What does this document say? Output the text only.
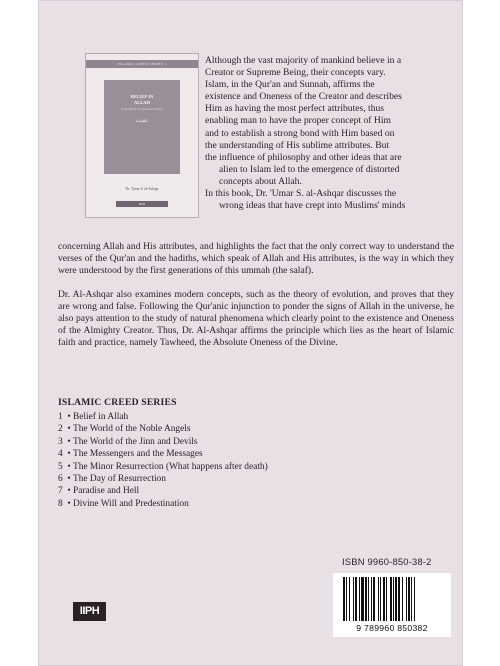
ISLAMIC CREED SERIES 1
BELIEF IN
ALLAH
in the light of the Qur'an and Sunnah
عقيدة
Dr. 'Umar S. al-Ashqar
IIPH
Although the vast majority of mankind believe in a
Creator or Supreme Being, their concepts vary.
Islam, in the Qur'an and Sunnah, affirms the
existence and Oneness of the Creator and describes
Him as having the most perfect attributes, thus
enabling man to have the proper concept of Him
and to establish a strong bond with Him based on
the understanding of His sublime attributes. But
the influence of philosophy and other ideas that are
alien to Islam led to the emergence of distorted
concepts about Allah.
In this book, Dr. 'Umar S. al-Ashqar discusses the
wrong ideas that have crept into Muslims' minds

concerning Allah and His attributes, and highlights the fact that the only correct way to understand the verses of the Qur'an and the hadiths, which speak of Allah and His attributes, is the way in which they were understood by the first generations of this ummah (the salaf).

Dr. Al-Ashqar also examines modern concepts, such as the theory of evolution, and proves that they are wrong and false. Following the Qur'anic injunction to ponder the signs of Allah in the universe, he also pays attention to the study of natural phenomena which clearly point to the existence and Oneness of the Almighty Creator. Thus, Dr. Al-Ashqar affirms the principle which lies as the heart of Islamic faith and practice, namely Tawheed, the Absolute Oneness of the Divine.

ISLAMIC CREED SERIES
1 • Belief in Allah
2 • The World of the Noble Angels
3 • The World of the Jinn and Devils
4 • The Messengers and the Messages
5 • The Minor Resurrection (What happens after death)
6 • The Day of Resurrection
7 • Paradise and Hell
8 • Divine Will and Predestination
ISBN 9960-850-38-2
9 789960 850382
IIPH
